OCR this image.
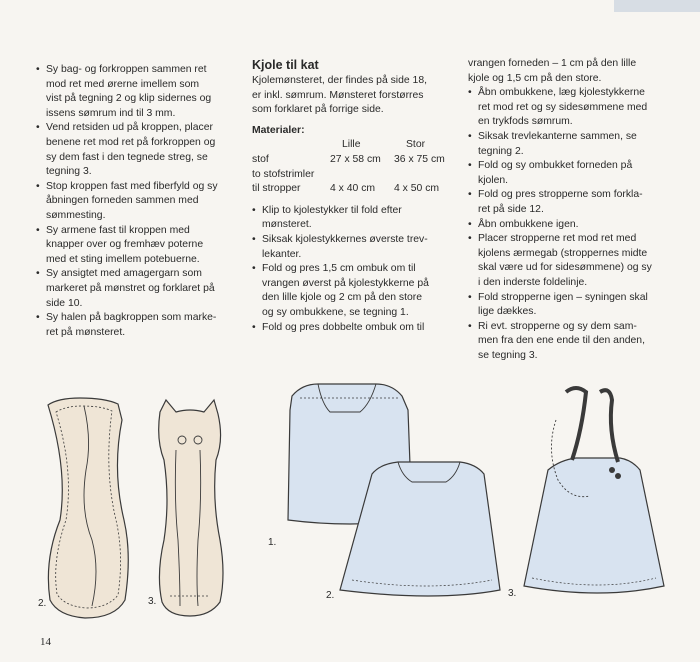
• Sy bag- og forkroppen sammen ret
mod ret med ørerne imellem som
vist på tegning 2 og klip sidernes og
issens sømrum ind til 3 mm.
• Vend retsiden ud på kroppen, placer
benene ret mod ret på forkroppen og
sy dem fast i den tegnede streg, se
tegning 3.
• Stop kroppen fast med fiberfyld og sy
åbningen forneden sammen med
sømmesting.
• Sy armene fast til kroppen med
knapper over og fremhæv poterne
med et sting imellem potebuerne.
• Sy ansigtet med amagergarn som
markeret på mønstret og forklaret på
side 10.
• Sy halen på bagkroppen som marke-
ret på mønsteret.
Kjole til kat
Kjolemønsteret, der findes på side 18,
er inkl. sømrum. Mønsteret forstørres
som forklaret på forrige side.
Materialer:
	Lille	Stor
stof	27 x 58 cm	36 x 75 cm
to stofstrimler		
til stropper	4 x 40 cm	4 x 50 cm
• Klip to kjolestykker til fold efter
mønsteret.
• Siksak kjolestykkernes øverste trev-
lekanter.
• Fold og pres 1,5 cm ombuk om til
vrangen øverst på kjolestykkerne på
den lille kjole og 2 cm på den store
og sy ombukkene, se tegning 1.
• Fold og pres dobbelte ombuk om til
vrangen forneden – 1 cm på den lille
kjole og 1,5 cm på den store.
• Åbn ombukkene, læg kjolestykkerne
ret mod ret og sy sidesømmene med
en trykfods sømrum.
• Siksak trevlekanterne sammen, se
tegning 2.
• Fold og sy ombukket forneden på
kjolen.
• Fold og pres stropperne som forkla-
ret på side 12.
• Åbn ombukkene igen.
• Placer stropperne ret mod ret med
kjolens ærmegab (stroppernes midte
skal være ud for sidesømmene) og sy
i den inderste foldelinje.
• Fold stropperne igen – syningen skal
lige dækkes.
• Ri evt. stropperne og sy dem sam-
men fra den ene ende til den anden,
se tegning 3.
2.	3.
1.
2.	3.
14
